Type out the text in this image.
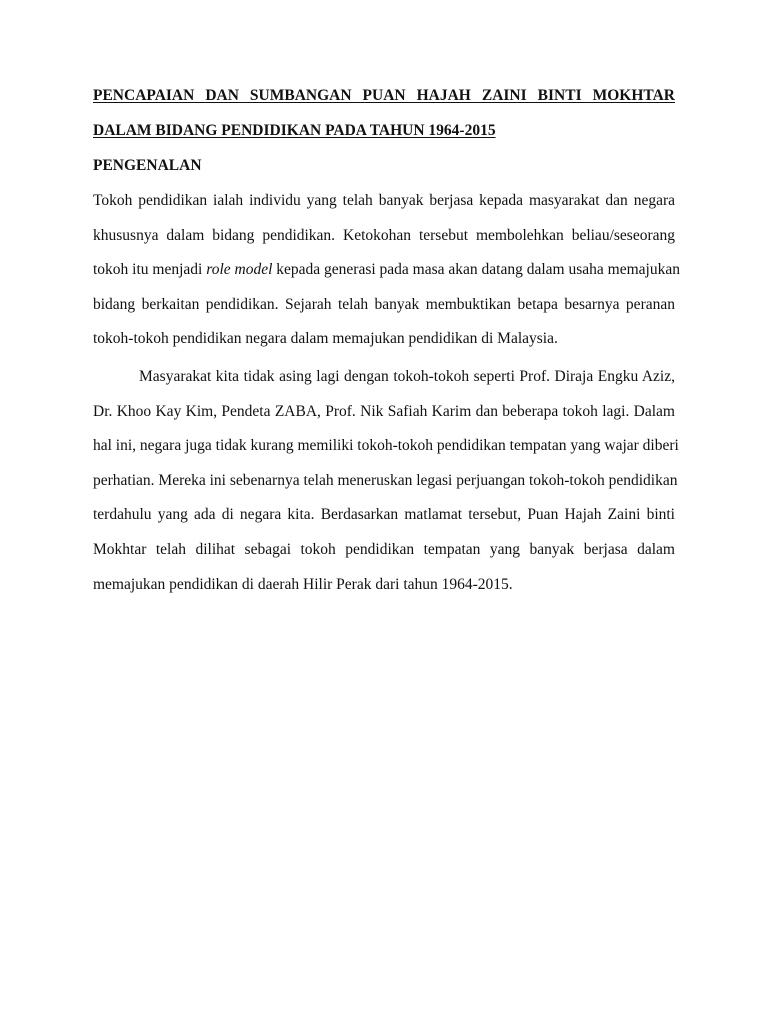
PENCAPAIAN DAN SUMBANGAN PUAN HAJAH ZAINI BINTI MOKHTAR

DALAM BIDANG PENDIDIKAN PADA TAHUN 1964-2015

PENGENALAN

Tokoh pendidikan ialah individu yang telah banyak berjasa kepada masyarakat dan negara
khususnya dalam bidang pendidikan. Ketokohan tersebut membolehkan beliau/seseorang
tokoh itu menjadi role model kepada generasi pada masa akan datang dalam usaha memajukan
bidang berkaitan pendidikan. Sejarah telah banyak membuktikan betapa besarnya peranan
tokoh-tokoh pendidikan negara dalam memajukan pendidikan di Malaysia.
Masyarakat kita tidak asing lagi dengan tokoh-tokoh seperti Prof. Diraja Engku Aziz,
Dr. Khoo Kay Kim, Pendeta ZABA, Prof. Nik Safiah Karim dan beberapa tokoh lagi. Dalam
hal ini, negara juga tidak kurang memiliki tokoh-tokoh pendidikan tempatan yang wajar diberi
perhatian. Mereka ini sebenarnya telah meneruskan legasi perjuangan tokoh-tokoh pendidikan
terdahulu yang ada di negara kita. Berdasarkan matlamat tersebut, Puan Hajah Zaini binti
Mokhtar telah dilihat sebagai tokoh pendidikan tempatan yang banyak berjasa dalam
memajukan pendidikan di daerah Hilir Perak dari tahun 1964-2015.
